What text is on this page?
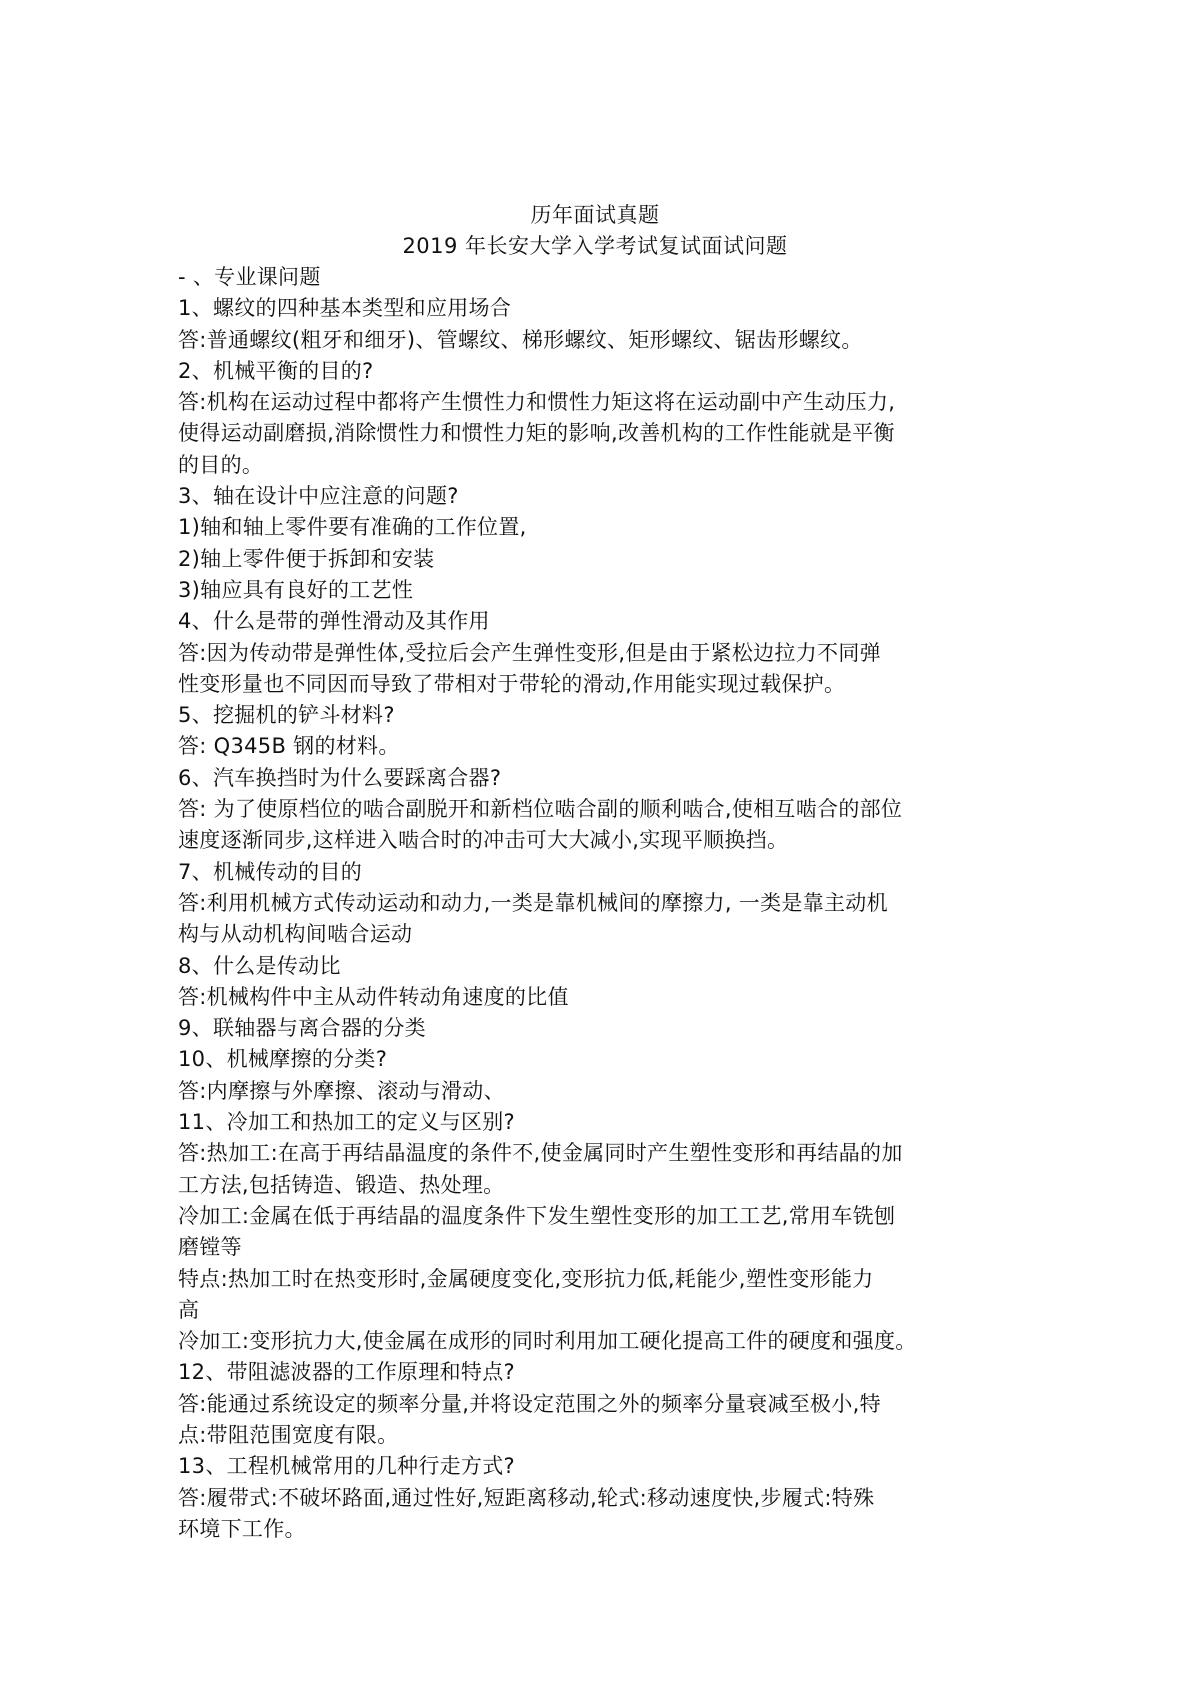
历年面试真题
2019 年长安大学入学考试复试面试问题
- 、专业课问题
1、螺纹的四种基本类型和应用场合
答:普通螺纹(粗牙和细牙)、管螺纹、梯形螺纹、矩形螺纹、锯齿形螺纹。
2、机械平衡的目的?
答:机构在运动过程中都将产生惯性力和惯性力矩这将在运动副中产生动压力,
使得运动副磨损,消除惯性力和惯性力矩的影响,改善机构的工作性能就是平衡
的目的。
3、轴在设计中应注意的问题?
1)轴和轴上零件要有准确的工作位置,
2)轴上零件便于拆卸和安装
3)轴应具有良好的工艺性
4、什么是带的弹性滑动及其作用
答:因为传动带是弹性体,受拉后会产生弹性变形,但是由于紧松边拉力不同弹
性变形量也不同因而导致了带相对于带轮的滑动,作用能实现过载保护。
5、挖掘机的铲斗材料?
答: Q345B 钢的材料。
6、汽车换挡时为什么要踩离合器?
答: 为了使原档位的啮合副脱开和新档位啮合副的顺利啮合,使相互啮合的部位
速度逐渐同步,这样进入啮合时的冲击可大大减小,实现平顺换挡。
7、机械传动的目的
答:利用机械方式传动运动和动力,一类是靠机械间的摩擦力, 一类是靠主动机
构与从动机构间啮合运动
8、什么是传动比
答:机械构件中主从动件转动角速度的比值
9、联轴器与离合器的分类
10、机械摩擦的分类?
答:内摩擦与外摩擦、滚动与滑动、
11、冷加工和热加工的定义与区别?
答:热加工:在高于再结晶温度的条件不,使金属同时产生塑性变形和再结晶的加
工方法,包括铸造、锻造、热处理。
冷加工:金属在低于再结晶的温度条件下发生塑性变形的加工工艺,常用车铣刨
磨镗等
特点:热加工时在热变形时,金属硬度变化,变形抗力低,耗能少,塑性变形能力
高
冷加工:变形抗力大,使金属在成形的同时利用加工硬化提高工件的硬度和强度。
12、带阻滤波器的工作原理和特点?
答:能通过系统设定的频率分量,并将设定范围之外的频率分量衰减至极小,特
点:带阻范围宽度有限。
13、工程机械常用的几种行走方式?
答:履带式:不破坏路面,通过性好,短距离移动,轮式:移动速度快,步履式:特殊
环境下工作。
